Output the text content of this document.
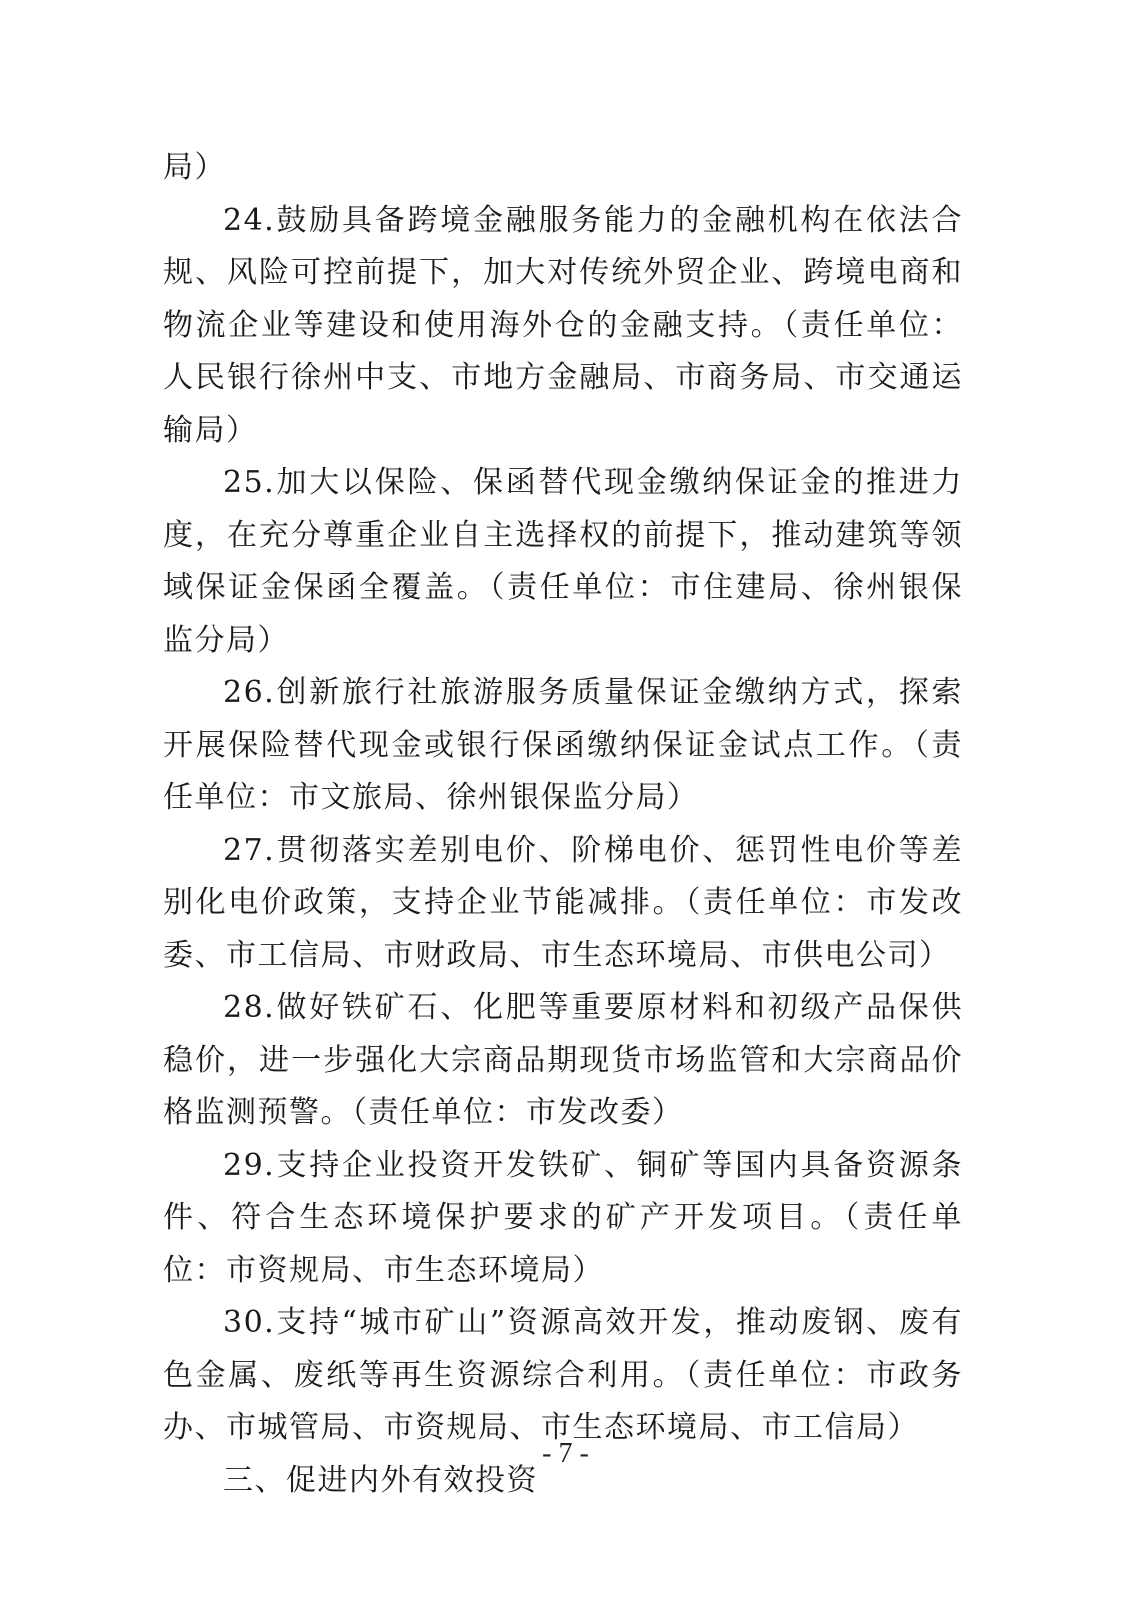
局）

24.鼓励具备跨境金融服务能力的金融机构在依法合规、风险可控前提下，加大对传统外贸企业、跨境电商和物流企业等建设和使用海外仓的金融支持。（责任单位：人民银行徐州中支、市地方金融局、市商务局、市交通运输局）

25.加大以保险、保函替代现金缴纳保证金的推进力度，在充分尊重企业自主选择权的前提下，推动建筑等领域保证金保函全覆盖。（责任单位：市住建局、徐州银保监分局）

26.创新旅行社旅游服务质量保证金缴纳方式，探索开展保险替代现金或银行保函缴纳保证金试点工作。（责任单位：市文旅局、徐州银保监分局）

27.贯彻落实差别电价、阶梯电价、惩罚性电价等差别化电价政策，支持企业节能减排。（责任单位：市发改委、市工信局、市财政局、市生态环境局、市供电公司）

28.做好铁矿石、化肥等重要原材料和初级产品保供稳价，进一步强化大宗商品期现货市场监管和大宗商品价格监测预警。（责任单位：市发改委）

29.支持企业投资开发铁矿、铜矿等国内具备资源条件、符合生态环境保护要求的矿产开发项目。（责任单位：市资规局、市生态环境局）

30.支持“城市矿山”资源高效开发，推动废钢、废有色金属、废纸等再生资源综合利用。（责任单位：市政务办、市城管局、市资规局、市生态环境局、市工信局）

三、促进内外有效投资
- 7 -
